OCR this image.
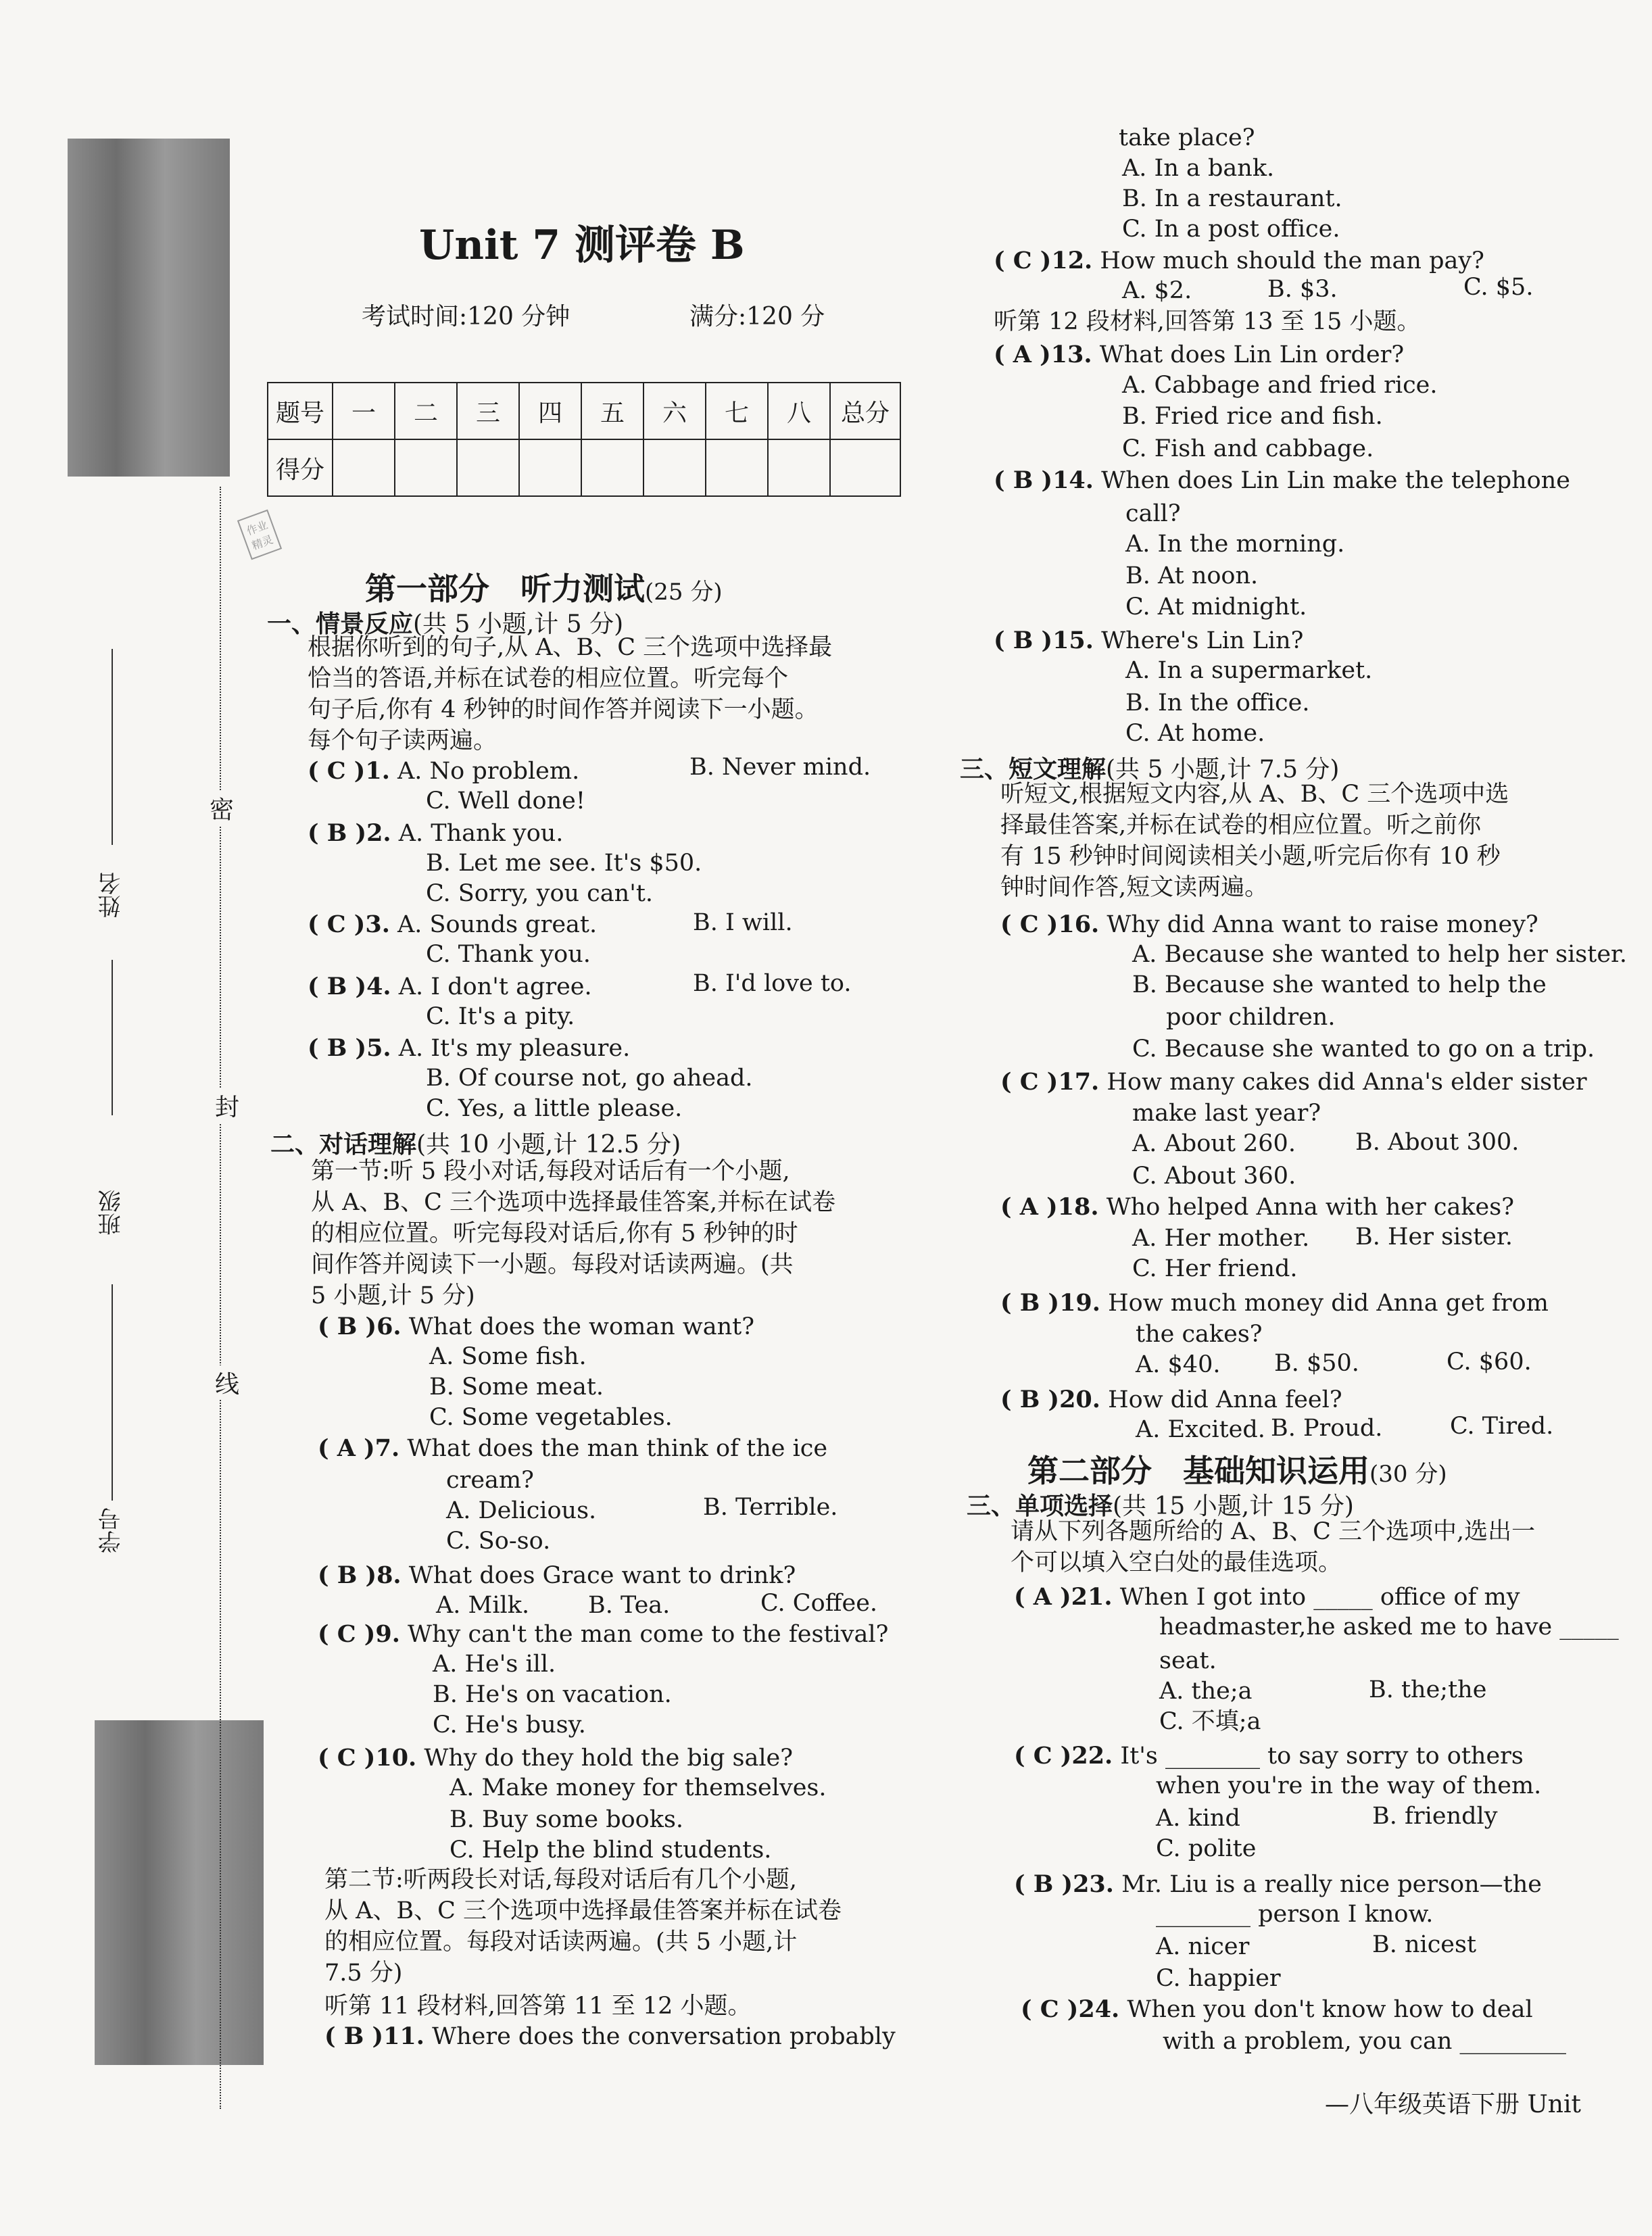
密
封
线
姓名
班级
学号
作业
精灵
Unit 7 测评卷 B
考试时间:120 分钟	满分:120 分
题号	一	二	三	四	五	六	七	八	总分
得分									
第一部分　听力测试(25 分)
一、情景反应(共 5 小题,计 5 分)
根据你听到的句子,从 A、B、C 三个选项中选择最
恰当的答语,并标在试卷的相应位置。听完每个
句子后,你有 4 秒钟的时间作答并阅读下一小题。
每个句子读两遍。
( C )1. A. No problem.	B. Never mind.
C. Well done!
( B )2. A. Thank you.
B. Let me see. It's $50.
C. Sorry, you can't.
( C )3. A. Sounds great.	B. I will.
C. Thank you.
( B )4. A. I don't agree.	B. I'd love to.
C. It's a pity.
( B )5. A. It's my pleasure.
B. Of course not, go ahead.
C. Yes, a little please.
二、对话理解(共 10 小题,计 12.5 分)
第一节:听 5 段小对话,每段对话后有一个小题,
从 A、B、C 三个选项中选择最佳答案,并标在试卷
的相应位置。听完每段对话后,你有 5 秒钟的时
间作答并阅读下一小题。每段对话读两遍。(共
5 小题,计 5 分)
( B )6. What does the woman want?
A. Some fish.
B. Some meat.
C. Some vegetables.
( A )7. What does the man think of the ice
cream?
A. Delicious.	B. Terrible.
C. So-so.
( B )8. What does Grace want to drink?
A. Milk. B. Tea.	C. Coffee.
( C )9. Why can't the man come to the festival?
A. He's ill.
B. He's on vacation.
C. He's busy.
( C )10. Why do they hold the big sale?
A. Make money for themselves.
B. Buy some books.
C. Help the blind students.
第二节:听两段长对话,每段对话后有几个小题,
从 A、B、C 三个选项中选择最佳答案并标在试卷
的相应位置。每段对话读两遍。(共 5 小题,计
7.5 分)
听第 11 段材料,回答第 11 至 12 小题。
( B )11. Where does the conversation probably
take place?
A. In a bank.
B. In a restaurant.
C. In a post office.
( C )12. How much should the man pay?
A. $2.	B. $3.	C. $5.
听第 12 段材料,回答第 13 至 15 小题。
( A )13. What does Lin Lin order?
A. Cabbage and fried rice.
B. Fried rice and fish.
C. Fish and cabbage.
( B )14. When does Lin Lin make the telephone
call?
A. In the morning.
B. At noon.
C. At midnight.
( B )15. Where's Lin Lin?
A. In a supermarket.
B. In the office.
C. At home.
三、短文理解(共 5 小题,计 7.5 分)
听短文,根据短文内容,从 A、B、C 三个选项中选
择最佳答案,并标在试卷的相应位置。听之前你
有 15 秒钟时间阅读相关小题,听完后你有 10 秒
钟时间作答,短文读两遍。
( C )16. Why did Anna want to raise money?
A. Because she wanted to help her sister.
B. Because she wanted to help the
poor children.
C. Because she wanted to go on a trip.
( C )17. How many cakes did Anna's elder sister
make last year?
A. About 260.	B. About 300.
C. About 360.
( A )18. Who helped Anna with her cakes?
A. Her mother. B. Her sister.
C. Her friend.
( B )19. How much money did Anna get from
the cakes?
A. $40. B. $50.	C. $60.
( B )20. How did Anna feel?
A. Excited. B. Proud.	C. Tired.
第二部分　基础知识运用(30 分)
三、单项选择(共 15 小题,计 15 分)
请从下列各题所给的 A、B、C 三个选项中,选出一
个可以填入空白处的最佳选项。
( A )21. When I got into _____ office of my
headmaster,he asked me to have _____
seat.
A. the;a	B. the;the
C. 不填;a
( C )22. It's ________ to say sorry to others
when you're in the way of them.
A. kind	B. friendly
C. polite
( B )23. Mr. Liu is a really nice person—the
________ person I know.
A. nicer	B. nicest
C. happier
( C )24. When you don't know how to deal
with a problem, you can _________
—八年级英语下册 Unit
